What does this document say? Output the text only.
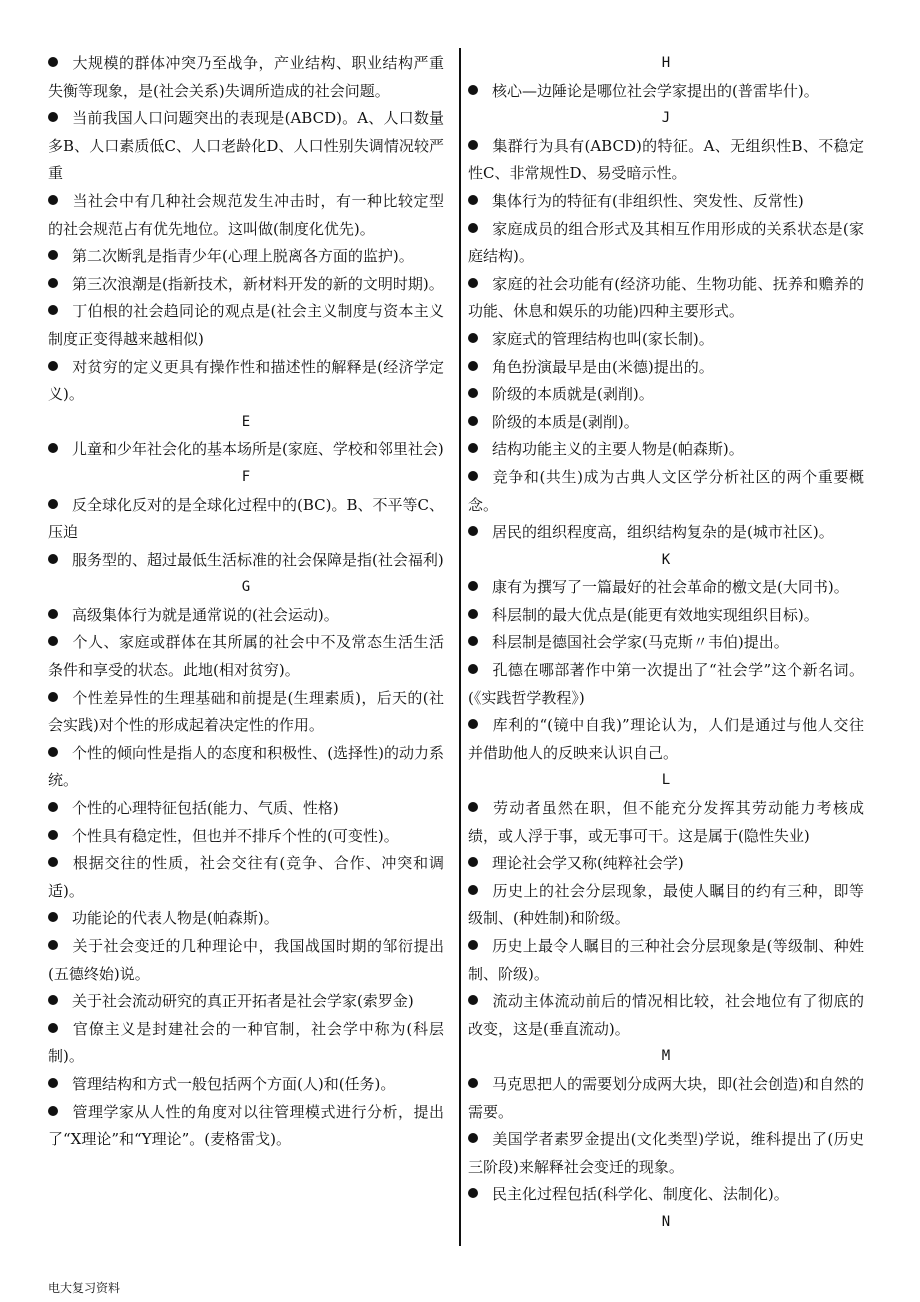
大规模的群体冲突乃至战争，产业结构、职业结构严重失衡等现象，是(社会关系)失调所造成的社会问题。
当前我国人口问题突出的表现是(ABCD)。A、人口数量多B、人口素质低C、人口老龄化D、人口性别失调情况较严重
当社会中有几种社会规范发生冲击时，有一种比较定型的社会规范占有优先地位。这叫做(制度化优先)。
第二次断乳是指青少年(心理上脱离各方面的监护)。
第三次浪潮是(指新技术，新材料开发的新的文明时期)。
丁伯根的社会趋同论的观点是(社会主义制度与资本主义制度正变得越来越相似)
对贫穷的定义更具有操作性和描述性的解释是(经济学定义)。
E
儿童和少年社会化的基本场所是(家庭、学校和邻里社会)
F
反全球化反对的是全球化过程中的(BC)。B、不平等C、压迫
服务型的、超过最低生活标准的社会保障是指(社会福利)
G
高级集体行为就是通常说的(社会运动)。
个人、家庭或群体在其所属的社会中不及常态生活生活条件和享受的状态。此地(相对贫穷)。
个性差异性的生理基础和前提是(生理素质)，后天的(社会实践)对个性的形成起着决定性的作用。
个性的倾向性是指人的态度和积极性、(选择性)的动力系统。
个性的心理特征包括(能力、气质、性格)
个性具有稳定性，但也并不排斥个性的(可变性)。
根据交往的性质，社会交往有(竞争、合作、冲突和调适)。
功能论的代表人物是(帕森斯)。
关于社会变迁的几种理论中，我国战国时期的邹衍提出(五德终始)说。
关于社会流动研究的真正开拓者是社会学家(索罗金)
官僚主义是封建社会的一种官制，社会学中称为(科层制)。
管理结构和方式一般包括两个方面(人)和(任务)。
管理学家从人性的角度对以往管理模式进行分析，提出了“X理论”和“Y理论”。(麦格雷戈)。
H
核心—边陲论是哪位社会学家提出的(普雷毕什)。
J
集群行为具有(ABCD)的特征。A、无组织性B、不稳定性C、非常规性D、易受暗示性。
集体行为的特征有(非组织性、突发性、反常性)
家庭成员的组合形式及其相互作用形成的关系状态是(家庭结构)。
家庭的社会功能有(经济功能、生物功能、抚养和赡养的功能、休息和娱乐的功能)四种主要形式。
家庭式的管理结构也叫(家长制)。
角色扮演最早是由(米德)提出的。
阶级的本质就是(剥削)。
阶级的本质是(剥削)。
结构功能主义的主要人物是(帕森斯)。
竞争和(共生)成为古典人文区学分析社区的两个重要概念。
居民的组织程度高，组织结构复杂的是(城市社区)。
K
康有为撰写了一篇最好的社会革命的檄文是(大同书)。
科层制的最大优点是(能更有效地实现组织目标)。
科层制是德国社会学家(马克斯〃韦伯)提出。
孔德在哪部著作中第一次提出了“社会学”这个新名词。(《实践哲学教程》)
库利的“(镜中自我)”理论认为，人们是通过与他人交往并借助他人的反映来认识自己。
L
劳动者虽然在职，但不能充分发挥其劳动能力考核成绩，或人浮于事，或无事可干。这是属于(隐性失业)
理论社会学又称(纯粹社会学)
历史上的社会分层现象，最使人瞩目的约有三种，即等级制、(种姓制)和阶级。
历史上最令人瞩目的三种社会分层现象是(等级制、种姓制、阶级)。
流动主体流动前后的情况相比较，社会地位有了彻底的改变，这是(垂直流动)。
M
马克思把人的需要划分成两大块，即(社会创造)和自然的需要。
美国学者素罗金提出(文化类型)学说，维科提出了(历史三阶段)来解释社会变迁的现象。
民主化过程包括(科学化、制度化、法制化)。
N
电大复习资料
